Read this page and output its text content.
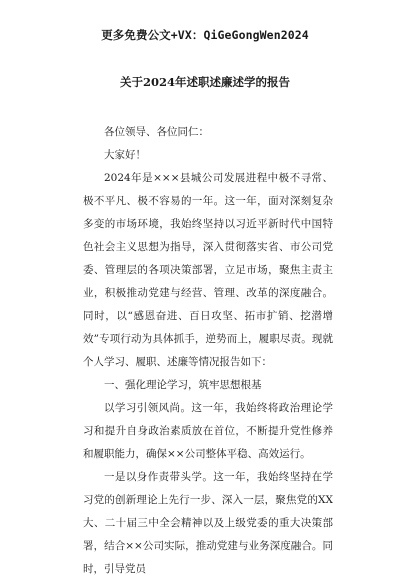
更多免费公文+VX：QiGeGongWen2024
关于2024年述职述廉述学的报告

各位领导、各位同仁：

大家好！

2024年是×××县城公司发展进程中极不寻常、极不平凡、极不容易的一年。这一年，面对深刻复杂多变的市场环境，我始终坚持以习近平新时代中国特色社会主义思想为指导，深入贯彻落实省、市公司党委、管理层的各项决策部署，立足市场，聚焦主责主业，积极推动党建与经营、管理、改革的深度融合。同时，以“感恩奋进、百日攻坚、拓市扩销、挖潜增效”专项行动为具体抓手，逆势而上，履职尽责。现就个人学习、履职、述廉等情况报告如下：

一、强化理论学习，筑牢思想根基

以学习引领风尚。这一年，我始终将政治理论学习和提升自身政治素质放在首位，不断提升党性修养和履职能力，确保××公司整体平稳、高效运行。

一是以身作责带头学。这一年，我始终坚持在学习党的创新理论上先行一步、深入一层，聚焦党的XX大、二十届三中全会精神以及上级党委的重大决策部署，结合××公司实际，推动党建与业务深度融合。同时，引导党员
